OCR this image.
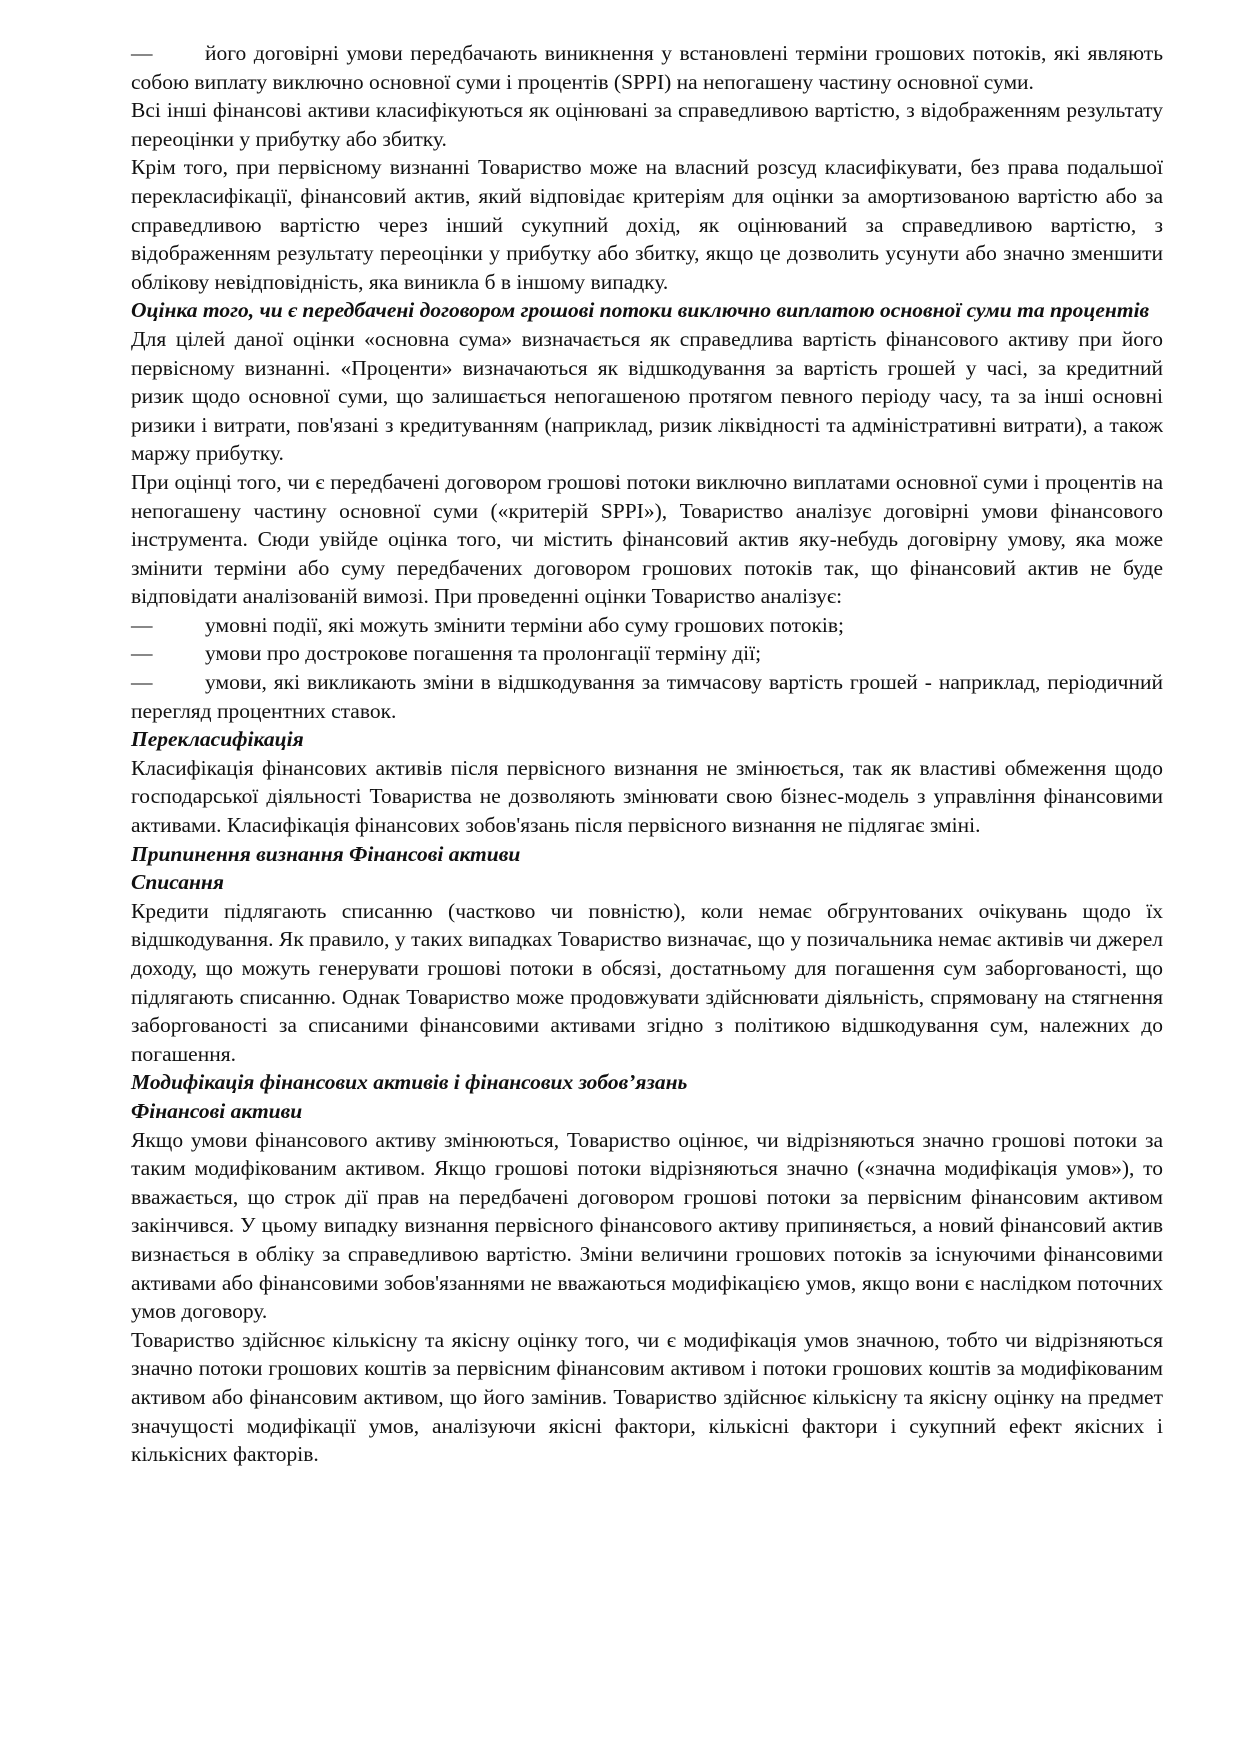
— його договірні умови передбачають виникнення у встановлені терміни грошових потоків, які являють собою виплату виключно основної суми і процентів (SPPI) на непогашену частину основної суми.

Всі інші фінансові активи класифікуються як оцінювані за справедливою вартістю, з відображенням результату переоцінки у прибутку або збитку.

Крім того, при первісному визнанні Товариство може на власний розсуд класифікувати, без права подальшої перекласифікації, фінансовий актив, який відповідає критеріям для оцінки за амортизованою вартістю або за справедливою вартістю через інший сукупний дохід, як оцінюваний за справедливою вартістю, з відображенням результату переоцінки у прибутку або збитку, якщо це дозволить усунути або значно зменшити облікову невідповідність, яка виникла б в іншому випадку.

Оцінка того, чи є передбачені договором грошові потоки виключно виплатою основної суми та процентів

Для цілей даної оцінки «основна сума» визначається як справедлива вартість фінансового активу при його первісному визнанні. «Проценти» визначаються як відшкодування за вартість грошей у часі, за кредитний ризик щодо основної суми, що залишається непогашеною протягом певного періоду часу, та за інші основні ризики і витрати, пов'язані з кредитуванням (наприклад, ризик ліквідності та адміністративні витрати), а також маржу прибутку.

При оцінці того, чи є передбачені договором грошові потоки виключно виплатами основної суми і процентів на непогашену частину основної суми («критерій SPPI»), Товариство аналізує договірні умови фінансового інструмента. Сюди увійде оцінка того, чи містить фінансовий актив яку-небудь договірну умову, яка може змінити терміни або суму передбачених договором грошових потоків так, що фінансовий актив не буде відповідати аналізованій вимозі. При проведенні оцінки Товариство аналізує:

— умовні події, які можуть змінити терміни або суму грошових потоків;

— умови про дострокове погашення та пролонгації терміну дії;

— умови, які викликають зміни в відшкодування за тимчасову вартість грошей - наприклад, періодичний перегляд процентних ставок.

Перекласифікація

Класифікація фінансових активів після первісного визнання не змінюється, так як властиві обмеження щодо господарської діяльності Товариства не дозволяють змінювати свою бізнес-модель з управління фінансовими активами. Класифікація фінансових зобов'язань після первісного визнання не підлягає зміні.

Припинення визнання Фінансові активи

Списання

Кредити підлягають списанню (частково чи повністю), коли немає обгрунтованих очікувань щодо їх відшкодування. Як правило, у таких випадках Товариство визначає, що у позичальника немає активів чи джерел доходу, що можуть генерувати грошові потоки в обсязі, достатньому для погашення сум заборгованості, що підлягають списанню. Однак Товариство може продовжувати здійснювати діяльність, спрямовану на стягнення заборгованості за списаними фінансовими активами згідно з політикою відшкодування сум, належних до погашення.

Модифікація фінансових активів і фінансових зобов’язань

Фінансові активи

Якщо умови фінансового активу змінюються, Товариство оцінює, чи відрізняються значно грошові потоки за таким модифікованим активом. Якщо грошові потоки відрізняються значно («значна модифікація умов»), то вважається, що строк дії прав на передбачені договором грошові потоки за первісним фінансовим активом закінчився. У цьому випадку визнання первісного фінансового активу припиняється, а новий фінансовий актив визнається в обліку за справедливою вартістю. Зміни величини грошових потоків за існуючими фінансовими активами або фінансовими зобов'язаннями не вважаються модифікацією умов, якщо вони є наслідком поточних умов договору.

Товариство здійснює кількісну та якісну оцінку того, чи є модифікація умов значною, тобто чи відрізняються значно потоки грошових коштів за первісним фінансовим активом і потоки грошових коштів за модифікованим активом або фінансовим активом, що його замінив. Товариство здійснює кількісну та якісну оцінку на предмет значущості модифікації умов, аналізуючи якісні фактори, кількісні фактори і сукупний ефект якісних і кількісних факторів.
